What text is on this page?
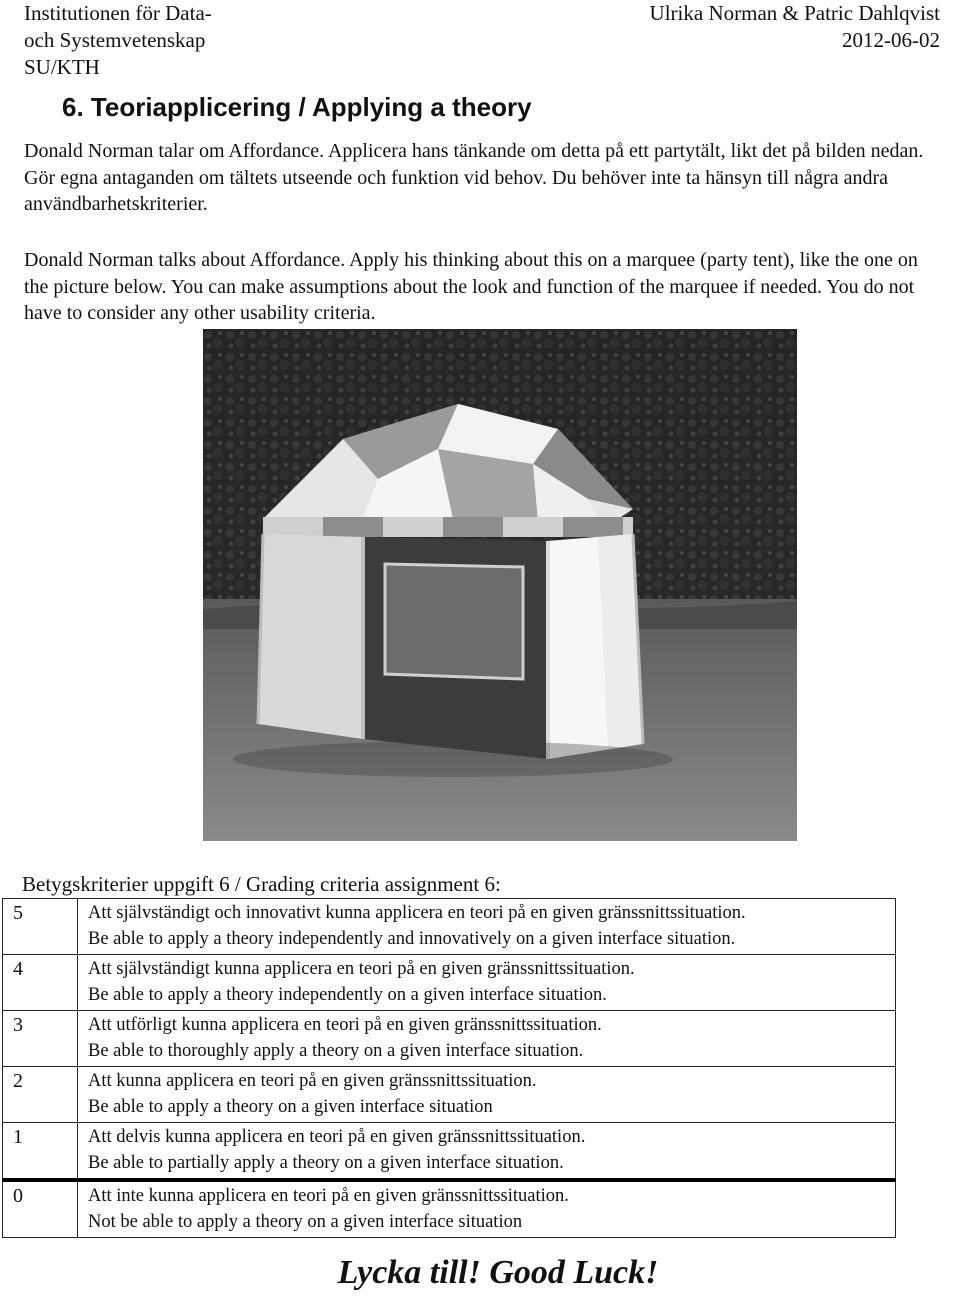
Institutionen för Data-
och Systemvetenskap
SU/KTH
Ulrika Norman & Patric Dahlqvist
2012-06-02
6. Teoriapplicering / Applying a theory
Donald Norman talar om Affordance. Applicera hans tänkande om detta på ett partytält, likt det på bilden nedan. Gör egna antaganden om tältets utseende och funktion vid behov. Du behöver inte ta hänsyn till några andra användbarhetskriterier.
Donald Norman talks about Affordance. Apply his thinking about this on a marquee (party tent), like the one on the picture below. You can make assumptions about the look and function of the marquee if needed. You do not have to consider any other usability criteria.
Betygskriterier uppgift 6 / Grading criteria assignment 6:
5	Att självständigt och innovativt kunna applicera en teori på en given gränssnittssituation.
Be able to apply a theory independently and innovatively on a given interface situation.

4	Att självständigt kunna applicera en teori på en given gränssnittssituation.
Be able to apply a theory independently on a given interface situation.

3	Att utförligt kunna applicera en teori på en given gränssnittssituation.
Be able to thoroughly apply a theory on a given interface situation.

2	Att kunna applicera en teori på en given gränssnittssituation.
Be able to apply a theory on a given interface situation

1	Att delvis kunna applicera en teori på en given gränssnittssituation.
Be able to partially apply a theory on a given interface situation.

0	Att inte kunna applicera en teori på en given gränssnittssituation.
Not be able to apply a theory on a given interface situation
Lycka till! Good Luck!
